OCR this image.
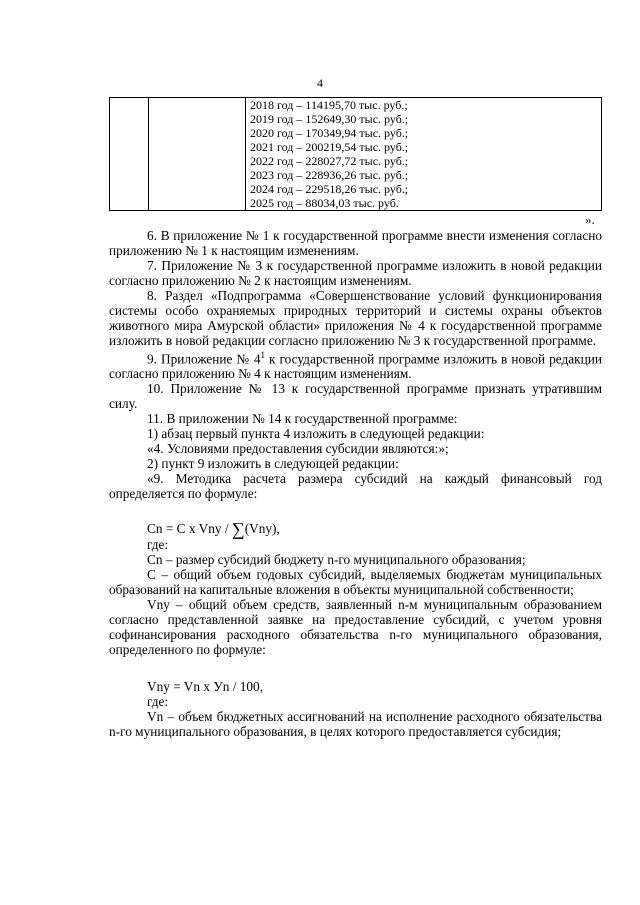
4

2018 год – 114195,70 тыс. руб.;
2019 год – 152649,30 тыс. руб.;
2020 год – 170349,94 тыс. руб.;
2021 год – 200219,54 тыс. руб.;
2022 год – 228027,72 тыс. руб.;
2023 год – 228936,26 тыс. руб.;
2024 год – 229518,26 тыс. руб.;
2025 год – 88034,03 тыс. руб.
».

6. В приложение № 1 к государственной программе внести изменения согласно приложению № 1 к настоящим изменениям.

7. Приложение № 3 к государственной программе изложить в новой редакции согласно приложению № 2 к настоящим изменениям.

8. Раздел «Подпрограмма «Совершенствование условий функционирования системы особо охраняемых природных территорий и системы охраны объектов животного мира Амурской области» приложения № 4 к государственной программе изложить в новой редакции согласно приложению № 3 к государственной программе.

9. Приложение № $4^1$ к государственной программе изложить в новой редакции согласно приложению № 4 к настоящим изменениям.

10. Приложение № 13 к государственной программе признать утратившим силу.

11. В приложении № 14 к государственной программе:

1) абзац первый пункта 4 изложить в следующей редакции:

«4. Условиями предоставления субсидии являются:»;

2) пункт 9 изложить в следующей редакции:

«9. Методика расчета размера субсидий на каждый финансовый год определяется по формуле:

Сn = С x Vny / ∑(Vny),

где:

Сn – размер субсидий бюджету n-го муниципального образования;

С – общий объем годовых субсидий, выделяемых бюджетам муниципальных образований на капитальные вложения в объекты муниципальной собственности;

Vny – общий объем средств, заявленный n-м муниципальным образованием согласно представленной заявке на предоставление субсидий, с учетом уровня софинансирования расходного обязательства n-го муниципального образования, определенного по формуле:

Vny = Vn x Уn / 100,

где:

Vn – объем бюджетных ассигнований на исполнение расходного обязательства n-го муниципального образования, в целях которого предоставляется субсидия;
